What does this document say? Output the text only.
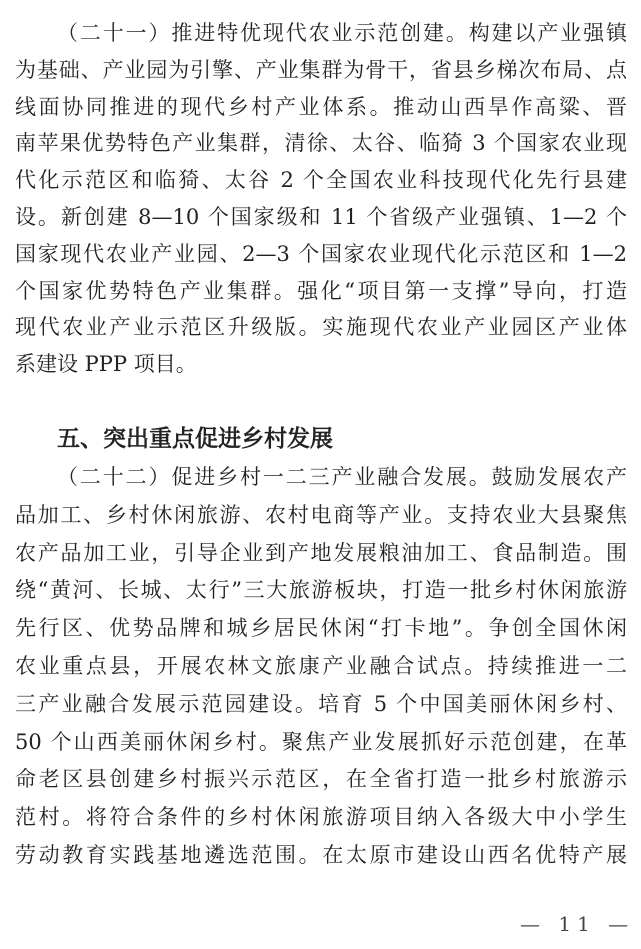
（二十一）推进特优现代农业示范创建。构建以产业强镇
为基础、产业园为引擎、产业集群为骨干，省县乡梯次布局、点
线面协同推进的现代乡村产业体系。推动山西旱作高粱、晋
南苹果优势特色产业集群，清徐、太谷、临猗 3 个国家农业现
代化示范区和临猗、太谷 2 个全国农业科技现代化先行县建
设。新创建 8—10 个国家级和 11 个省级产业强镇、1—2 个
国家现代农业产业园、2—3 个国家农业现代化示范区和 1—2
个国家优势特色产业集群。强化“项目第一支撑”导向，打造
现代农业产业示范区升级版。实施现代农业产业园区产业体
系建设 PPP 项目。
五、突出重点促进乡村发展
（二十二）促进乡村一二三产业融合发展。鼓励发展农产
品加工、乡村休闲旅游、农村电商等产业。支持农业大县聚焦
农产品加工业，引导企业到产地发展粮油加工、食品制造。围
绕“黄河、长城、太行”三大旅游板块，打造一批乡村休闲旅游
先行区、优势品牌和城乡居民休闲“打卡地”。争创全国休闲
农业重点县，开展农林文旅康产业融合试点。持续推进一二
三产业融合发展示范园建设。培育 5 个中国美丽休闲乡村、
50 个山西美丽休闲乡村。聚焦产业发展抓好示范创建，在革
命老区县创建乡村振兴示范区，在全省打造一批乡村旅游示
范村。将符合条件的乡村休闲旅游项目纳入各级大中小学生
劳动教育实践基地遴选范围。在太原市建设山西名优特产展
— 11 —
